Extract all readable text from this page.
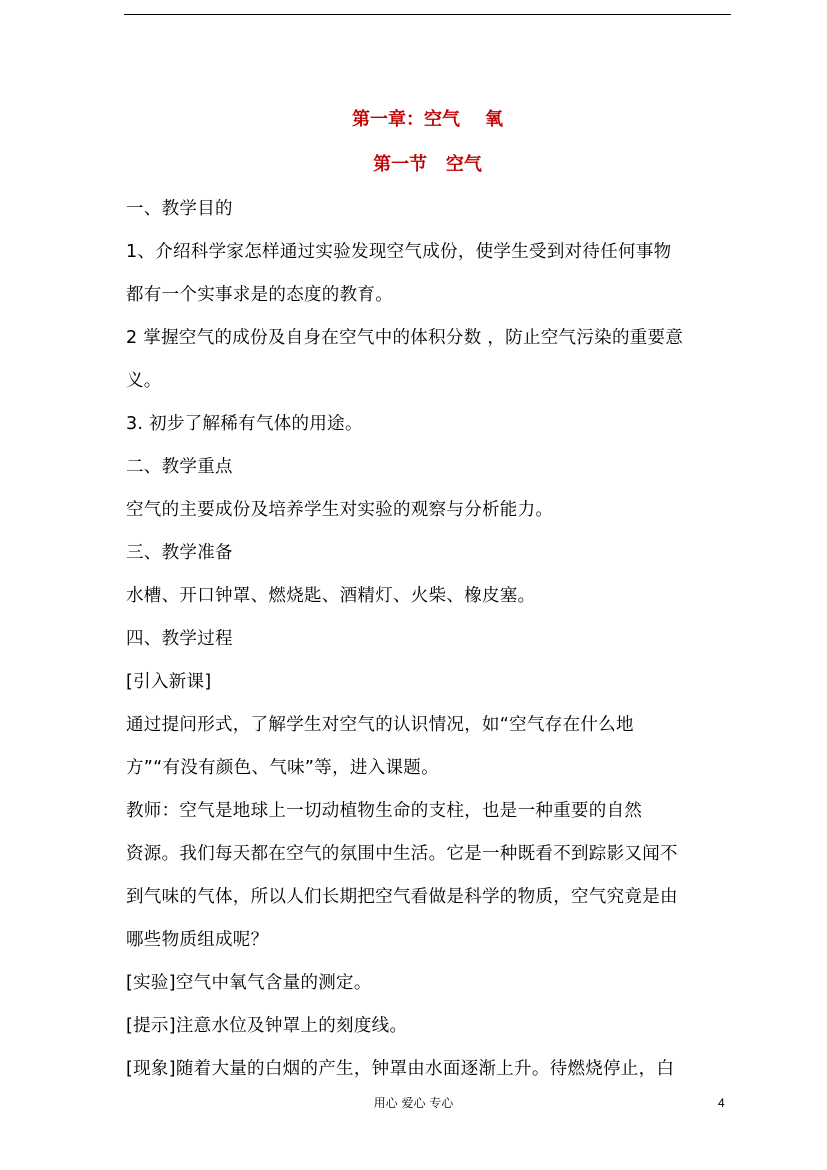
第一章：空气    氧
第一节   空气
一、教学目的
1、介绍科学家怎样通过实验发现空气成份，使学生受到对待任何事物
都有一个实事求是的态度的教育。
2 掌握空气的成份及自身在空气中的体积分数 ，防止空气污染的重要意
义。
3. 初步了解稀有气体的用途。
二、教学重点
空气的主要成份及培养学生对实验的观察与分析能力。
三、教学准备
水槽、开口钟罩、燃烧匙、酒精灯、火柴、橡皮塞。
四、教学过程
[引入新课]
通过提问形式，了解学生对空气的认识情况，如“空气存在什么地
方”“有没有颜色、气味”等，进入课题。
教师：空气是地球上一切动植物生命的支柱，也是一种重要的自然
资源。我们每天都在空气的氛围中生活。它是一种既看不到踪影又闻不
到气味的气体，所以人们长期把空气看做是科学的物质，空气究竟是由
哪些物质组成呢？
[实验]空气中氧气含量的测定。
[提示]注意水位及钟罩上的刻度线。
[现象]随着大量的白烟的产生，钟罩由水面逐渐上升。待燃烧停止，白
用心 爱心 专心	4
